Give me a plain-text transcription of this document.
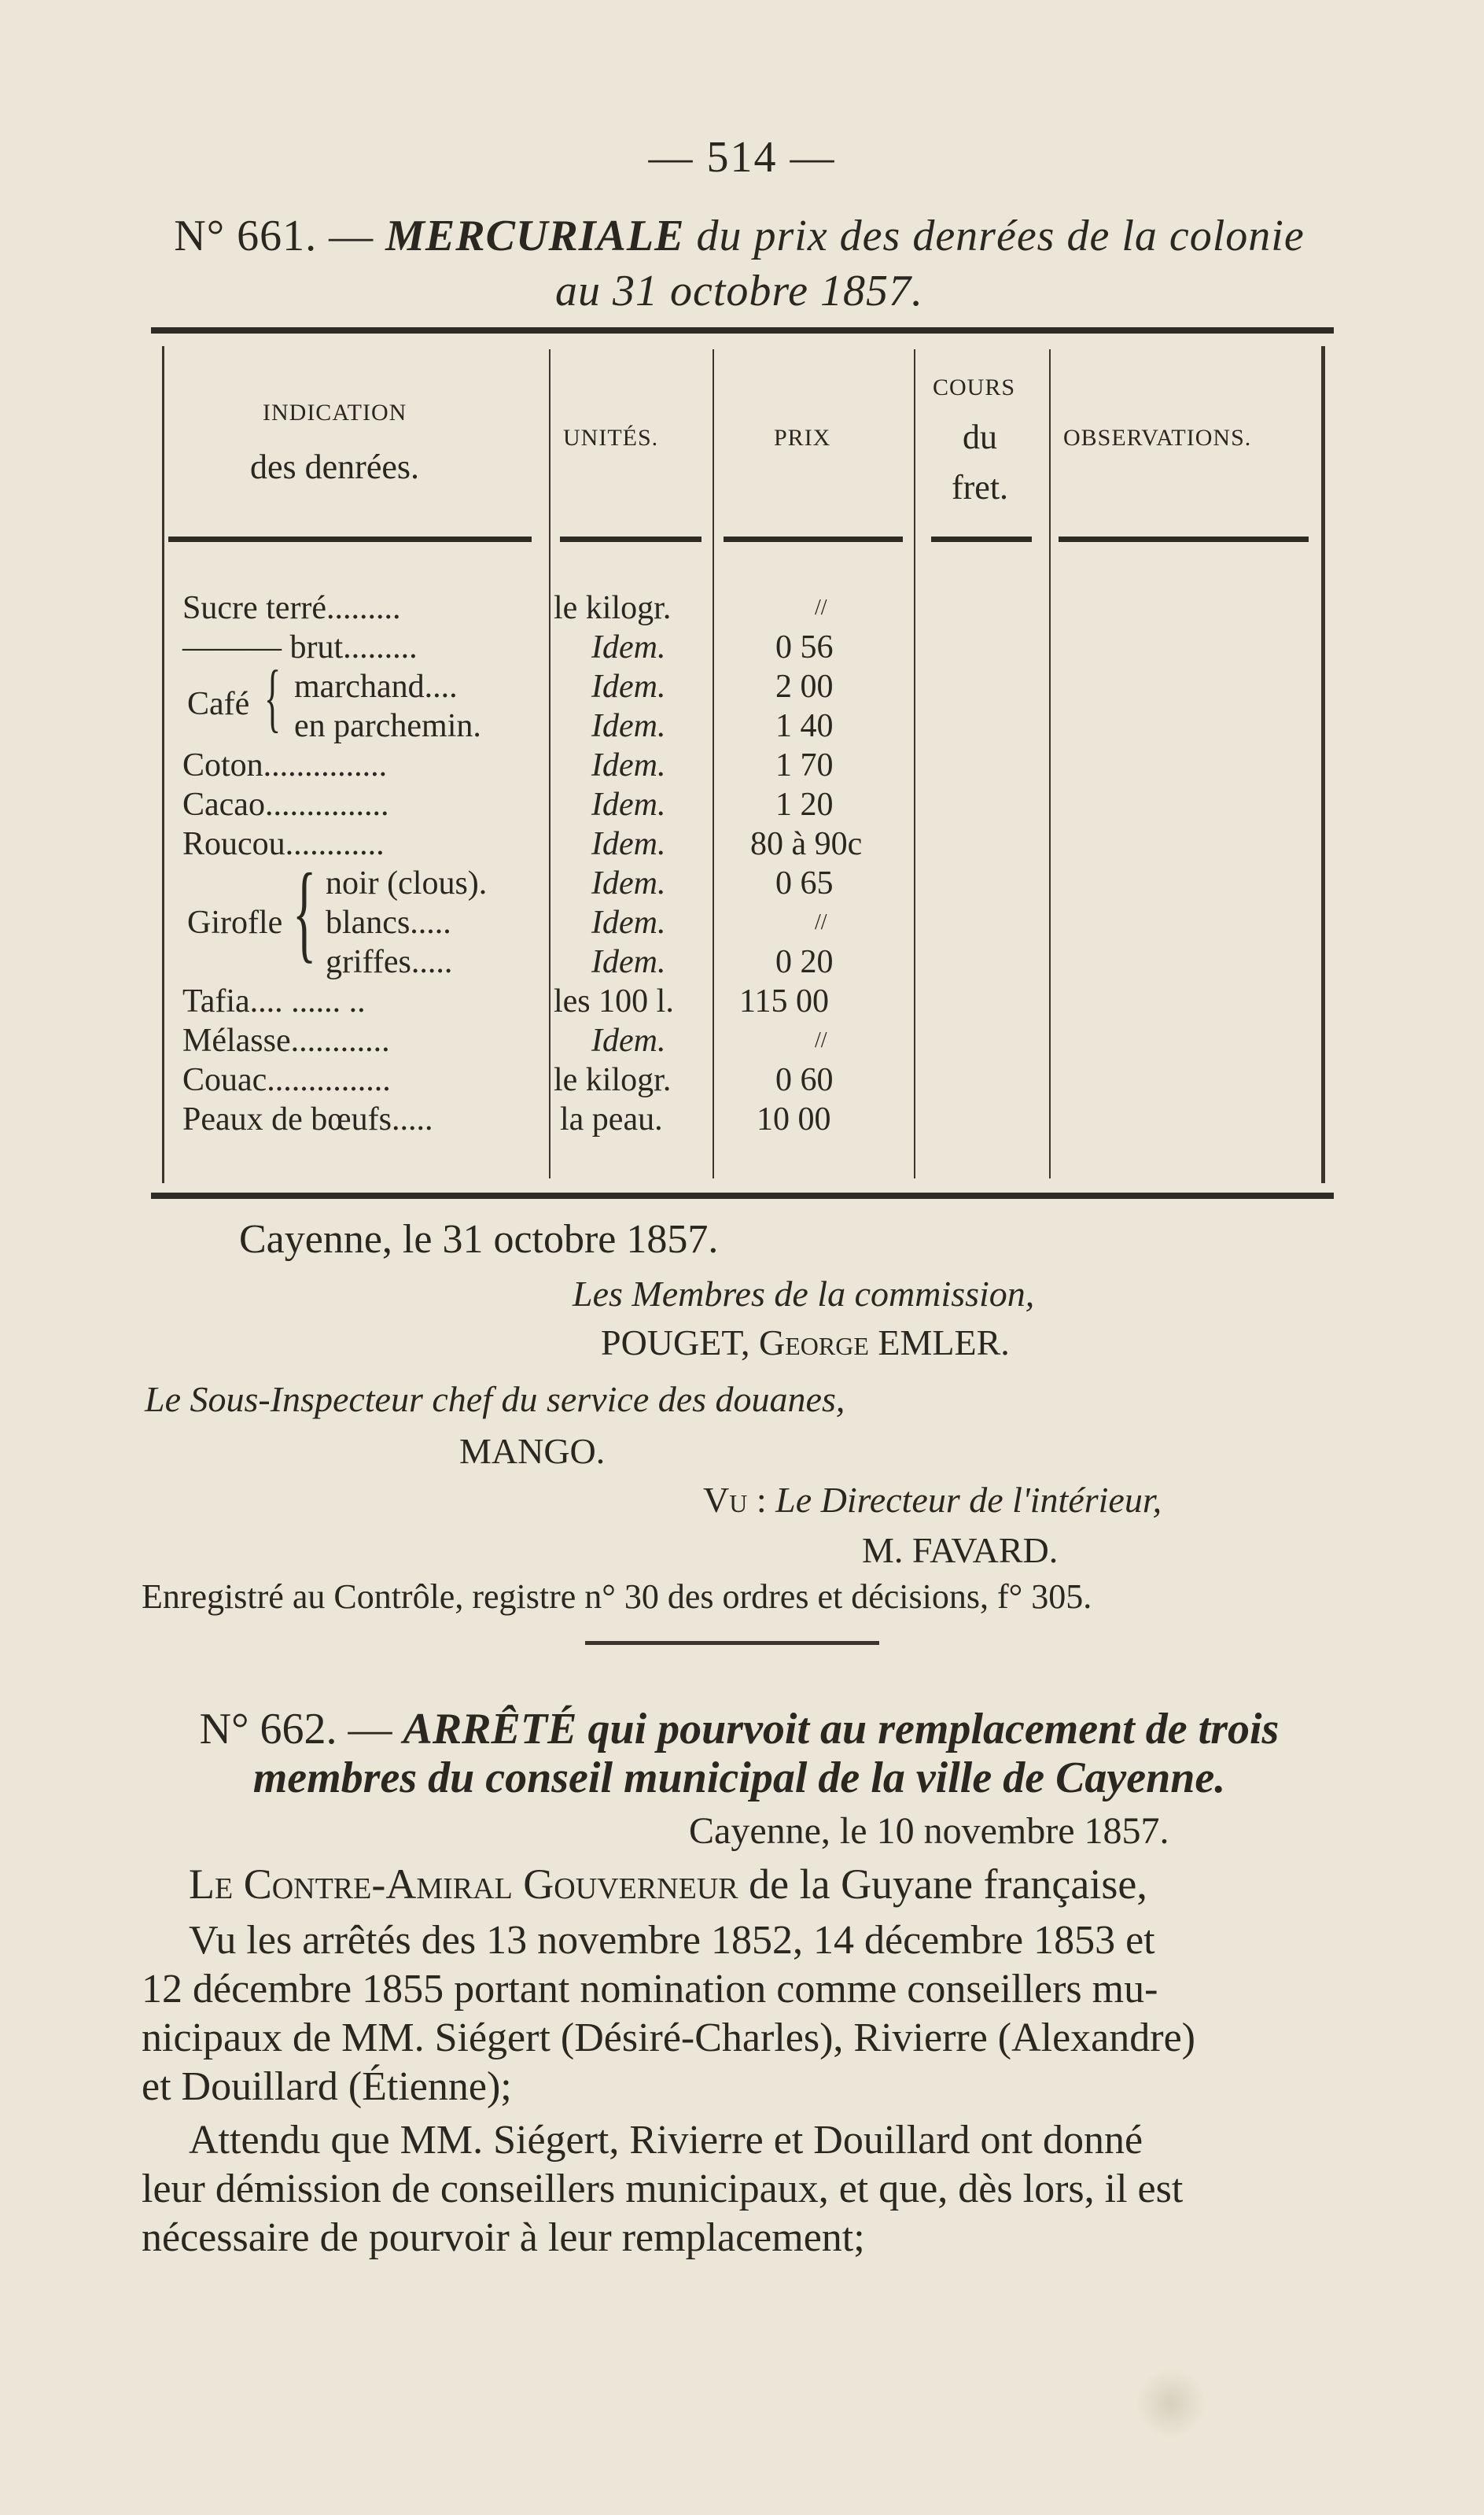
— 514 —
N° 661. — MERCURIALE du prix des denrées de la colonie
au 31 octobre 1857.
INDICATION
des denrées.
UNITÉS.	PRIX
COURS
du
fret.
OBSERVATIONS.
Sucre terré.........	le kilogr.	//
——— brut.........	Idem.	0 56
Café { marchand....	Idem.	2 00
en parchemin.	Idem.	1 40
Coton...............	Idem.	1 70
Cacao...............	Idem.	1 20
Roucou............	Idem.	80 à 90c
Girofle { noir (clous).	Idem.	0 65
blancs.....	Idem.	//
griffes.....	Idem.	0 20
Tafia.... ...... ..	les 100 l. 115 00
Mélasse............	Idem.	//
Couac...............	le kilogr.	0 60
Peaux de bœufs.....	la peau.	10 00
Cayenne, le 31 octobre 1857.
Les Membres de la commission,
POUGET, George EMLER.
Le Sous-Inspecteur chef du service des douanes,
MANGO.
Vu : Le Directeur de l'intérieur,
M. FAVARD.
Enregistré au Contrôle, registre n° 30 des ordres et décisions, f° 305.
N° 662. — ARRÊTÉ qui pourvoit au remplacement de trois
membres du conseil municipal de la ville de Cayenne.
Cayenne, le 10 novembre 1857.
Le Contre-Amiral Gouverneur de la Guyane française,
Vu les arrêtés des 13 novembre 1852, 14 décembre 1853 et
12 décembre 1855 portant nomination comme conseillers mu-
nicipaux de MM. Siégert (Désiré-Charles), Rivierre (Alexandre)
et Douillard (Étienne);
Attendu que MM. Siégert, Rivierre et Douillard ont donné
leur démission de conseillers municipaux, et que, dès lors, il est
nécessaire de pourvoir à leur remplacement;
